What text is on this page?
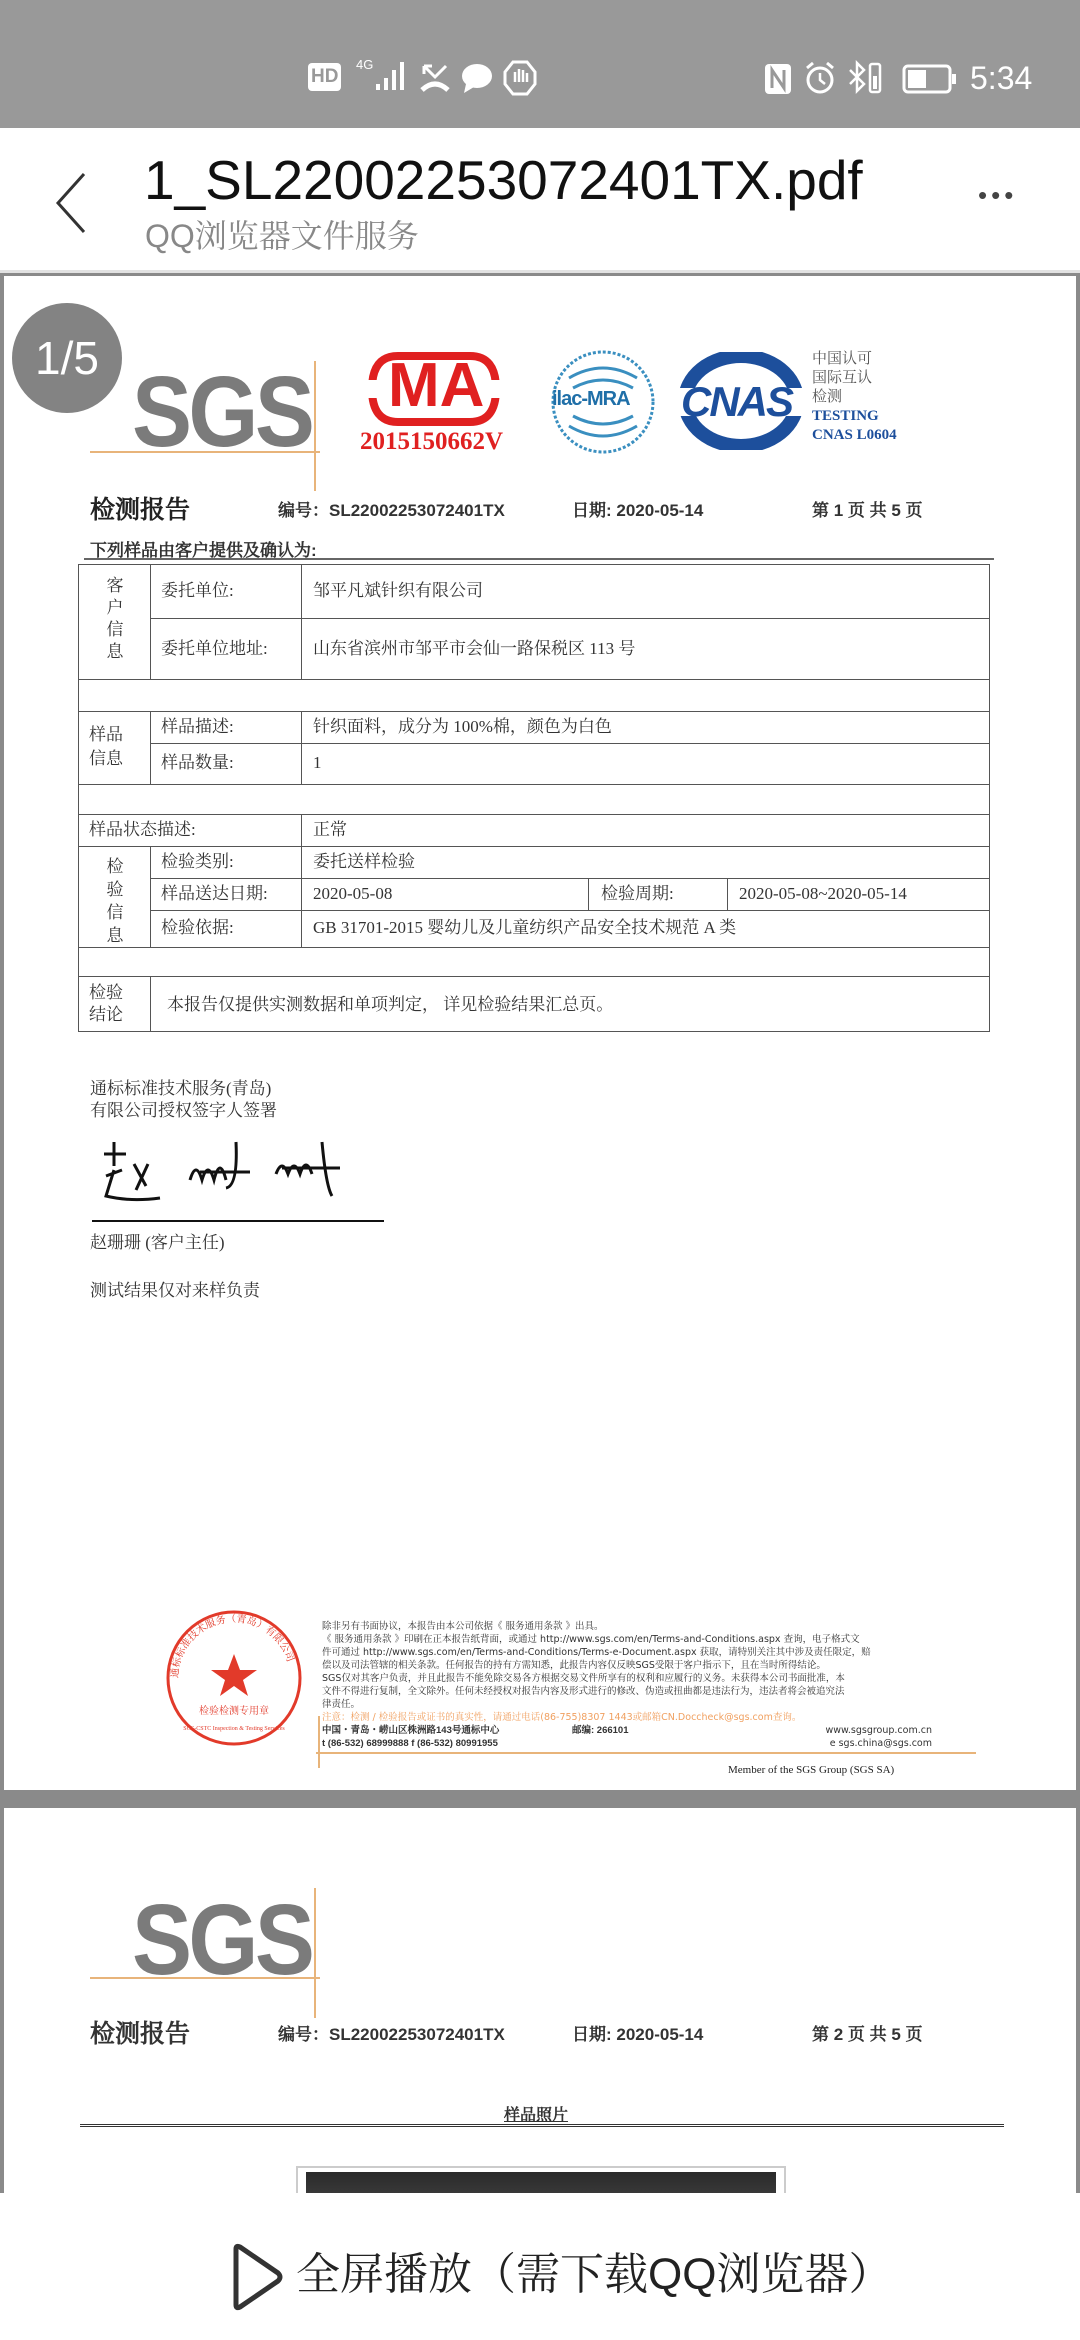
HD
4G	5:34
1_SL22002253072401TX.pdf
QQ浏览器文件服务
•••
SGS MA
2015150662V
ilac-MRA CNAS
中国认可
国际互认
检测
TESTING
CNAS L0604
检测报告	编号：SL22002253072401TX	日期: 2020-05-14	第 1 页 共 5 页
下列样品由客户提供及确认为:
客户信息
委托单位:	邹平凡斌针织有限公司
委托单位地址:	山东省滨州市邹平市会仙一路保税区 113 号
样品信息
样品描述:	针织面料，成分为 100%棉，颜色为白色
样品数量:	1
样品状态描述:	正常
检验信息
检验类别:	委托送样检验
样品送达日期:	2020-05-08	检验周期:	2020-05-08~2020-05-14
检验依据:	GB 31701-2015 婴幼儿及儿童纺织产品安全技术规范 A 类
检验结论
本报告仅提供实测数据和单项判定， 详见检验结果汇总页。
通标标准技术服务(青岛)
有限公司授权签字人签署
赵珊珊 (客户主任)
测试结果仅对来样负责
通标标准技术服务（青岛）有限公司
检验检测专用章
SGS-CSTC Inspection & Testing Services
除非另有书面协议，本报告由本公司依据《 服务通用条款 》出具。
《 服务通用条款 》印刷在正本报告纸背面，或通过 http://www.sgs.com/en/Terms-and-Conditions.aspx 查询，电子格式文
件可通过 http://www.sgs.com/en/Terms-and-Conditions/Terms-e-Document.aspx 获取，请特别关注其中涉及责任限定，赔
偿以及司法管辖的相关条款。任何报告的持有方需知悉，此报告内容仅反映SGS受限于客户指示下，且在当时所得结论。
SGS仅对其客户负责，并且此报告不能免除交易各方根据交易文件所享有的权利和应履行的义务。未获得本公司书面批准，本
文件不得进行复制，全文除外。任何未经授权对报告内容及形式进行的修改、伪造或扭曲都是违法行为，违法者将会被追究法
律责任。
注意：检测 / 检验报告或证书的真实性，请通过电话(86-755)8307 1443或邮箱CN.Doccheck@sgs.com查询。
中国・青岛・崂山区株洲路143号通标中心	邮编: 266101	www.sgsgroup.com.cn
t (86-532) 68999888 f (86-532) 80991955	e sgs.china@sgs.com
Member of the SGS Group (SGS SA)
1/5
SGS
检测报告	编号：SL22002253072401TX	日期: 2020-05-14	第 2 页 共 5 页
样品照片
全屏播放（需下载QQ浏览器）
